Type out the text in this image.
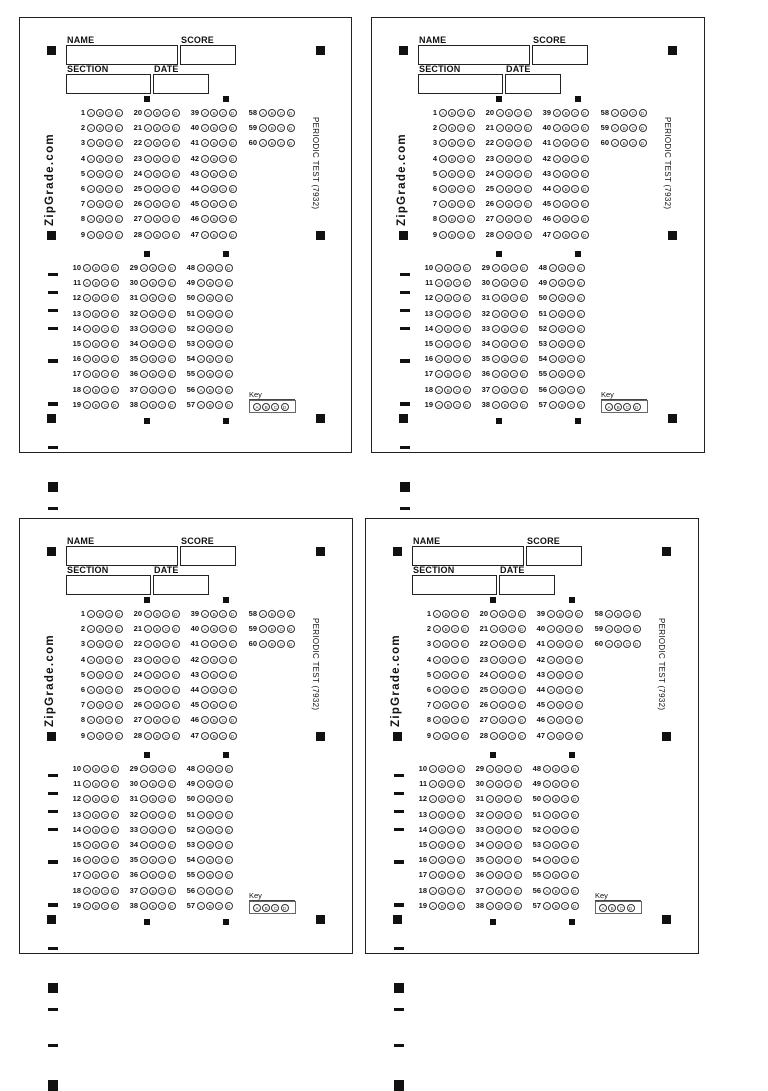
NAME	SCORE
SECTION	DATE
ZipGrade.com	PERIODIC TEST (7932)
1 A	B	C	D
2 A	B	C	D
3 A	B	C	D
4 A	B	C	D
5 A	B	C	D
6 A	B	C	D
7 A	B	C	D
8 A	B	C	D
9 A	B	C	D
20 A	B	C	D
21 A	B	C	D
22 A	B	C	D
23 A	B	C	D
24 A	B	C	D
25 A	B	C	D
26 A	B	C	D
27 A	B	C	D
28 A	B	C	D
39 A	B	C	D
40 A	B	C	D
41 A	B	C	D
42 A	B	C	D
43 A	B	C	D
44 A	B	C	D
45 A	B	C	D
46 A	B	C	D
47 A	B	C	D
58 A	B	C	D
59 A	B	C	D
60 A	B	C	D
10 A	B	C	D
11 A	B	C	D
12 A	B	C	D
13 A	B	C	D
14 A	B	C	D
15 A	B	C	D
16 A	B	C	D
17 A	B	C	D
18 A	B	C	D
19 A	B	C	D
29 A	B	C	D
30 A	B	C	D
31 A	B	C	D
32 A	B	C	D
33 A	B	C	D
34 A	B	C	D
35 A	B	C	D
36 A	B	C	D
37 A	B	C	D
38 A	B	C	D
48 A	B	C	D
49 A	B	C	D
50 A	B	C	D
51 A	B	C	D
52 A	B	C	D
53 A	B	C	D
54 A	B	C	D
55 A	B	C	D
56 A	B	C	D
57 A	B	C	D
Key
A	B	C	D
NAME	SCORE
SECTION	DATE
ZipGrade.com	PERIODIC TEST (7932)
1 A	B	C	D
2 A	B	C	D
3 A	B	C	D
4 A	B	C	D
5 A	B	C	D
6 A	B	C	D
7 A	B	C	D
8 A	B	C	D
9 A	B	C	D
20 A	B	C	D
21 A	B	C	D
22 A	B	C	D
23 A	B	C	D
24 A	B	C	D
25 A	B	C	D
26 A	B	C	D
27 A	B	C	D
28 A	B	C	D
39 A	B	C	D
40 A	B	C	D
41 A	B	C	D
42 A	B	C	D
43 A	B	C	D
44 A	B	C	D
45 A	B	C	D
46 A	B	C	D
47 A	B	C	D
58 A	B	C	D
59 A	B	C	D
60 A	B	C	D
10 A	B	C	D
11 A	B	C	D
12 A	B	C	D
13 A	B	C	D
14 A	B	C	D
15 A	B	C	D
16 A	B	C	D
17 A	B	C	D
18 A	B	C	D
19 A	B	C	D
29 A	B	C	D
30 A	B	C	D
31 A	B	C	D
32 A	B	C	D
33 A	B	C	D
34 A	B	C	D
35 A	B	C	D
36 A	B	C	D
37 A	B	C	D
38 A	B	C	D
48 A	B	C	D
49 A	B	C	D
50 A	B	C	D
51 A	B	C	D
52 A	B	C	D
53 A	B	C	D
54 A	B	C	D
55 A	B	C	D
56 A	B	C	D
57 A	B	C	D
Key
A	B	C	D
NAME	SCORE
SECTION	DATE
ZipGrade.com	PERIODIC TEST (7932)
1 A	B	C	D
2 A	B	C	D
3 A	B	C	D
4 A	B	C	D
5 A	B	C	D
6 A	B	C	D
7 A	B	C	D
8 A	B	C	D
9 A	B	C	D
20 A	B	C	D
21 A	B	C	D
22 A	B	C	D
23 A	B	C	D
24 A	B	C	D
25 A	B	C	D
26 A	B	C	D
27 A	B	C	D
28 A	B	C	D
39 A	B	C	D
40 A	B	C	D
41 A	B	C	D
42 A	B	C	D
43 A	B	C	D
44 A	B	C	D
45 A	B	C	D
46 A	B	C	D
47 A	B	C	D
58 A	B	C	D
59 A	B	C	D
60 A	B	C	D
10 A	B	C	D
11 A	B	C	D
12 A	B	C	D
13 A	B	C	D
14 A	B	C	D
15 A	B	C	D
16 A	B	C	D
17 A	B	C	D
18 A	B	C	D
19 A	B	C	D
29 A	B	C	D
30 A	B	C	D
31 A	B	C	D
32 A	B	C	D
33 A	B	C	D
34 A	B	C	D
35 A	B	C	D
36 A	B	C	D
37 A	B	C	D
38 A	B	C	D
48 A	B	C	D
49 A	B	C	D
50 A	B	C	D
51 A	B	C	D
52 A	B	C	D
53 A	B	C	D
54 A	B	C	D
55 A	B	C	D
56 A	B	C	D
57 A	B	C	D
Key
A	B	C	D
NAME	SCORE
SECTION	DATE
ZipGrade.com	PERIODIC TEST (7932)
1 A	B	C	D
2 A	B	C	D
3 A	B	C	D
4 A	B	C	D
5 A	B	C	D
6 A	B	C	D
7 A	B	C	D
8 A	B	C	D
9 A	B	C	D
20 A	B	C	D
21 A	B	C	D
22 A	B	C	D
23 A	B	C	D
24 A	B	C	D
25 A	B	C	D
26 A	B	C	D
27 A	B	C	D
28 A	B	C	D
39 A	B	C	D
40 A	B	C	D
41 A	B	C	D
42 A	B	C	D
43 A	B	C	D
44 A	B	C	D
45 A	B	C	D
46 A	B	C	D
47 A	B	C	D
58 A	B	C	D
59 A	B	C	D
60 A	B	C	D
10 A	B	C	D
11 A	B	C	D
12 A	B	C	D
13 A	B	C	D
14 A	B	C	D
15 A	B	C	D
16 A	B	C	D
17 A	B	C	D
18 A	B	C	D
19 A	B	C	D
29 A	B	C	D
30 A	B	C	D
31 A	B	C	D
32 A	B	C	D
33 A	B	C	D
34 A	B	C	D
35 A	B	C	D
36 A	B	C	D
37 A	B	C	D
38 A	B	C	D
48 A	B	C	D
49 A	B	C	D
50 A	B	C	D
51 A	B	C	D
52 A	B	C	D
53 A	B	C	D
54 A	B	C	D
55 A	B	C	D
56 A	B	C	D
57 A	B	C	D
Key
A	B	C	D
